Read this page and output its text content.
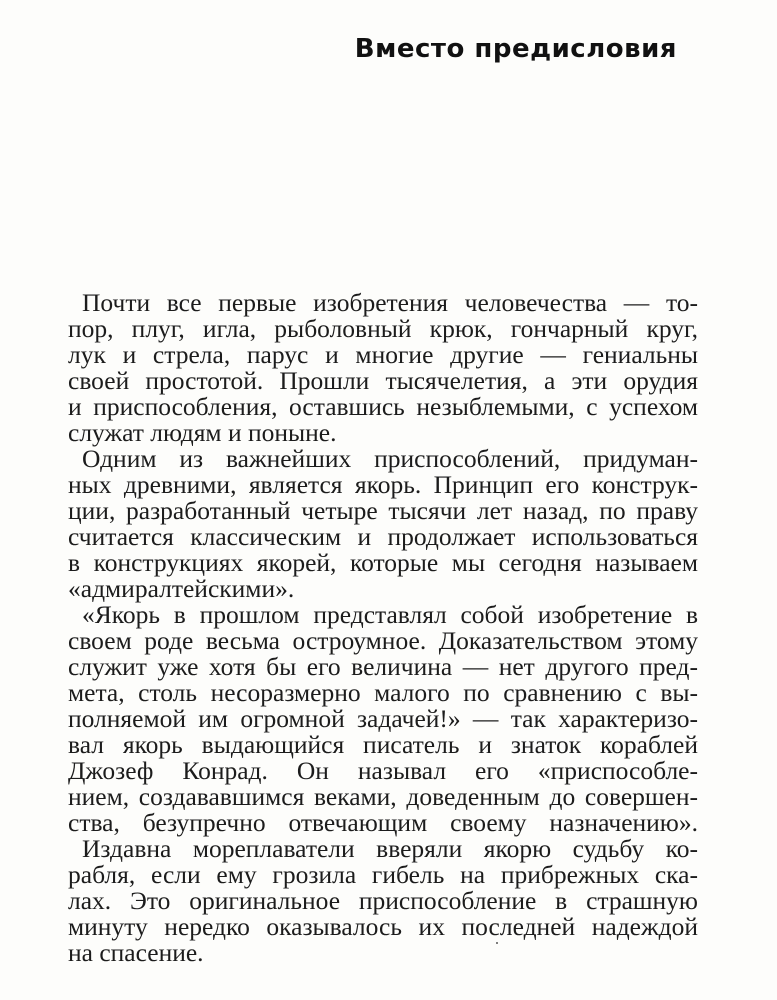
Вместо предисловия
Почти все первые изобретения человечества — то-
пор, плуг, игла, рыболовный крюк, гончарный круг,
лук и стрела, парус и многие другие — гениальны
своей простотой. Прошли тысячелетия, а эти орудия
и приспособления, оставшись незыблемыми, с успехом
служат людям и поныне.
Одним из важнейших приспособлений, придуман-
ных древними, является якорь. Принцип его конструк-
ции, разработанный четыре тысячи лет назад, по праву
считается классическим и продолжает использоваться
в конструкциях якорей, которые мы сегодня называем
«адмиралтейскими».
«Якорь в прошлом представлял собой изобретение в
своем роде весьма остроумное. Доказательством этому
служит уже хотя бы его величина — нет другого пред-
мета, столь несоразмерно малого по сравнению с вы-
полняемой им огромной задачей!» — так характеризо-
вал якорь выдающийся писатель и знаток кораблей
Джозеф Конрад. Он называл его «приспособле-
нием, создававшимся веками, доведенным до совершен-
ства, безупречно отвечающим своему назначению».
Издавна мореплаватели вверяли якорю судьбу ко-
рабля, если ему грозила гибель на прибрежных ска-
лах. Это оригинальное приспособление в страшную
минуту нередко оказывалось их последней надеждой
на спасение.
